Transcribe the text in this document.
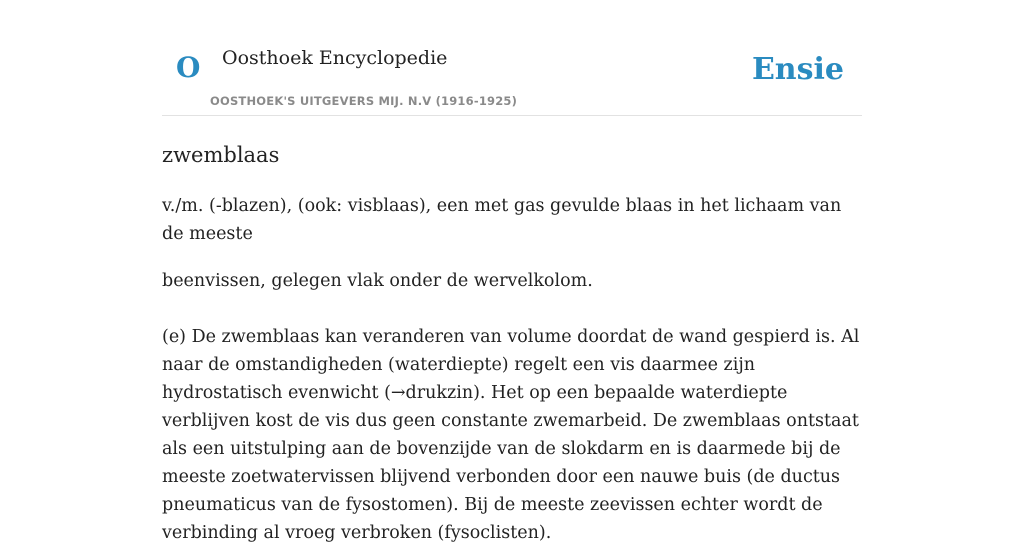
O Oosthoek Encyclopedie
OOSTHOEK'S UITGEVERS MIJ. N.V (1916-1925)
Ensie
zwemblaas

v./m. (-blazen), (ook: visblaas), een met gas gevulde blaas in het lichaam van de meeste

beenvissen, gelegen vlak onder de wervelkolom.

(e) De zwemblaas kan veranderen van volume doordat de wand gespierd is. Al naar de omstandigheden (waterdiepte) regelt een vis daarmee zijn hydrostatisch evenwicht (→drukzin). Het op een bepaalde waterdiepte verblijven kost de vis dus geen constante zwemarbeid. De zwemblaas ontstaat als een uitstulping aan de bovenzijde van de slokdarm en is daarmede bij de meeste zoetwatervissen blijvend verbonden door een nauwe buis (de ductus pneumaticus van de fysostomen). Bij de meeste zeevissen echter wordt de verbinding al vroeg verbroken (fysoclisten).
